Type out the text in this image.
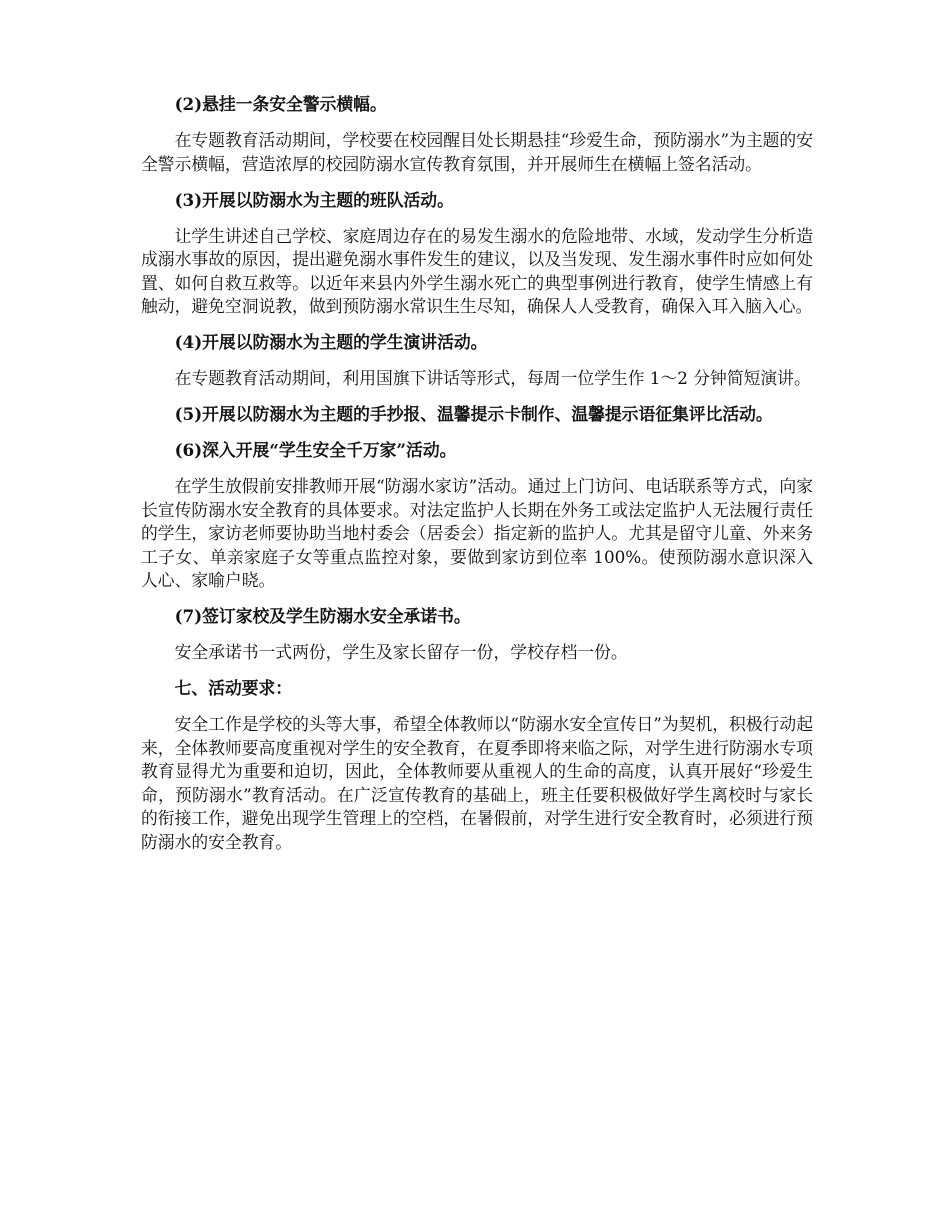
(2)悬挂一条安全警示横幅。

在专题教育活动期间，学校要在校园醒目处长期悬挂“珍爱生命，预防溺水”为主题的安全警示横幅，营造浓厚的校园防溺水宣传教育氛围，并开展师生在横幅上签名活动。

(3)开展以防溺水为主题的班队活动。

让学生讲述自己学校、家庭周边存在的易发生溺水的危险地带、水域，发动学生分析造成溺水事故的原因，提出避免溺水事件发生的建议，以及当发现、发生溺水事件时应如何处置、如何自救互救等。以近年来县内外学生溺水死亡的典型事例进行教育，使学生情感上有触动，避免空洞说教，做到预防溺水常识生生尽知，确保人人受教育，确保入耳入脑入心。

(4)开展以防溺水为主题的学生演讲活动。

在专题教育活动期间，利用国旗下讲话等形式，每周一位学生作 1～2 分钟简短演讲。

(5)开展以防溺水为主题的手抄报、温馨提示卡制作、温馨提示语征集评比活动。

(6)深入开展“学生安全千万家”活动。

在学生放假前安排教师开展“防溺水家访”活动。通过上门访问、电话联系等方式，向家长宣传防溺水安全教育的具体要求。对法定监护人长期在外务工或法定监护人无法履行责任的学生，家访老师要协助当地村委会（居委会）指定新的监护人。尤其是留守儿童、外来务工子女、单亲家庭子女等重点监控对象，要做到家访到位率 100%。使预防溺水意识深入人心、家喻户晓。

(7)签订家校及学生防溺水安全承诺书。

安全承诺书一式两份，学生及家长留存一份，学校存档一份。

七、活动要求：

安全工作是学校的头等大事，希望全体教师以“防溺水安全宣传日”为契机，积极行动起来，全体教师要高度重视对学生的安全教育，在夏季即将来临之际，对学生进行防溺水专项教育显得尤为重要和迫切，因此，全体教师要从重视人的生命的高度，认真开展好“珍爱生命，预防溺水”教育活动。在广泛宣传教育的基础上，班主任要积极做好学生离校时与家长的衔接工作，避免出现学生管理上的空档，在暑假前，对学生进行安全教育时，必须进行预防溺水的安全教育。
